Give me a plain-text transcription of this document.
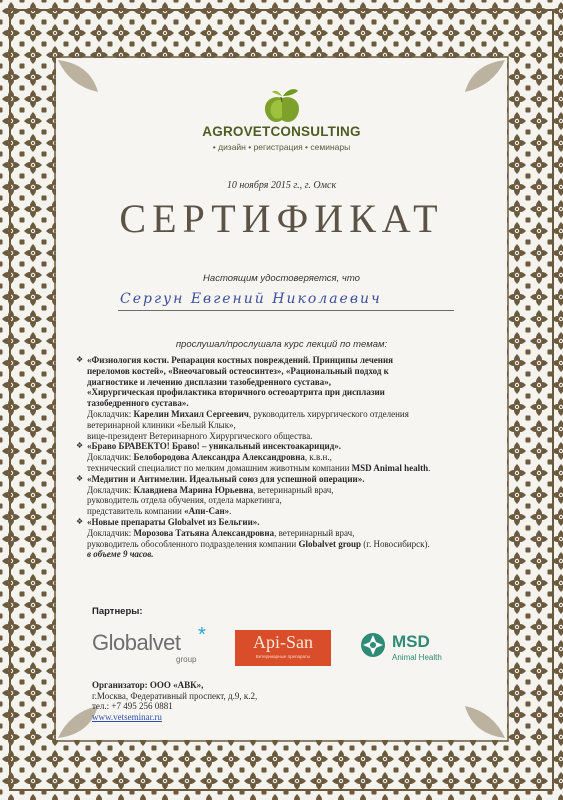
AGROVETCONSULTING
• дизайн • регистрация • семинары
10 ноября 2015 г., г. Омск
СЕРТИФИКАТ
Настоящим удостоверяется, что
Сергун Евгений Николаевич
прослушал/прослушала курс лекций по темам:
❖ «Физиология кости. Репарация костных повреждений. Принципы лечения
переломов костей», «Внеочаговый остеосинтез», «Рациональный подход к
диагностике и лечению дисплазии тазобедренного сустава»,
«Хирургическая профилактика вторичного остеоартрита при дисплазии
тазобедренного сустава».
Докладчик: Карелин Михаил Сергеевич, руководитель хирургического отделения
ветеринарной клиники «Белый Клык»,
вице-президент Ветеринарного Хирургического общества.
❖ «Браво БРАВЕКТО! Браво! – уникальный инсектоакарицид».
Докладчик: Белобородова Александра Александровна, к.в.н.,
технический специалист по мелким домашним животным компании MSD Animal health.
❖ «Медитин и Антимелин. Идеальный союз для успешной операции».
Докладчик: Клавдиева Марина Юрьевна, ветеринарный врач,
руководитель отдела обучения, отдела маркетинга,
представитель компании «Апи-Сан».
❖ «Новые препараты Globalvet из Бельгии».
Докладчик: Морозова Татьяна Александровна, ветеринарный врач,
руководитель обособленного подразделения компании Globalvet group (г. Новосибирск).
в объеме 9 часов.
Партнеры:
Globalvet *
group
Api-San
Ветеринарные препараты
MSD
Animal Health
Организатор: ООО «АВК»,
г.Москва, Федеративный проспект, д.9, к.2,
тел.: +7 495 256 0881
www.vetseminar.ru
